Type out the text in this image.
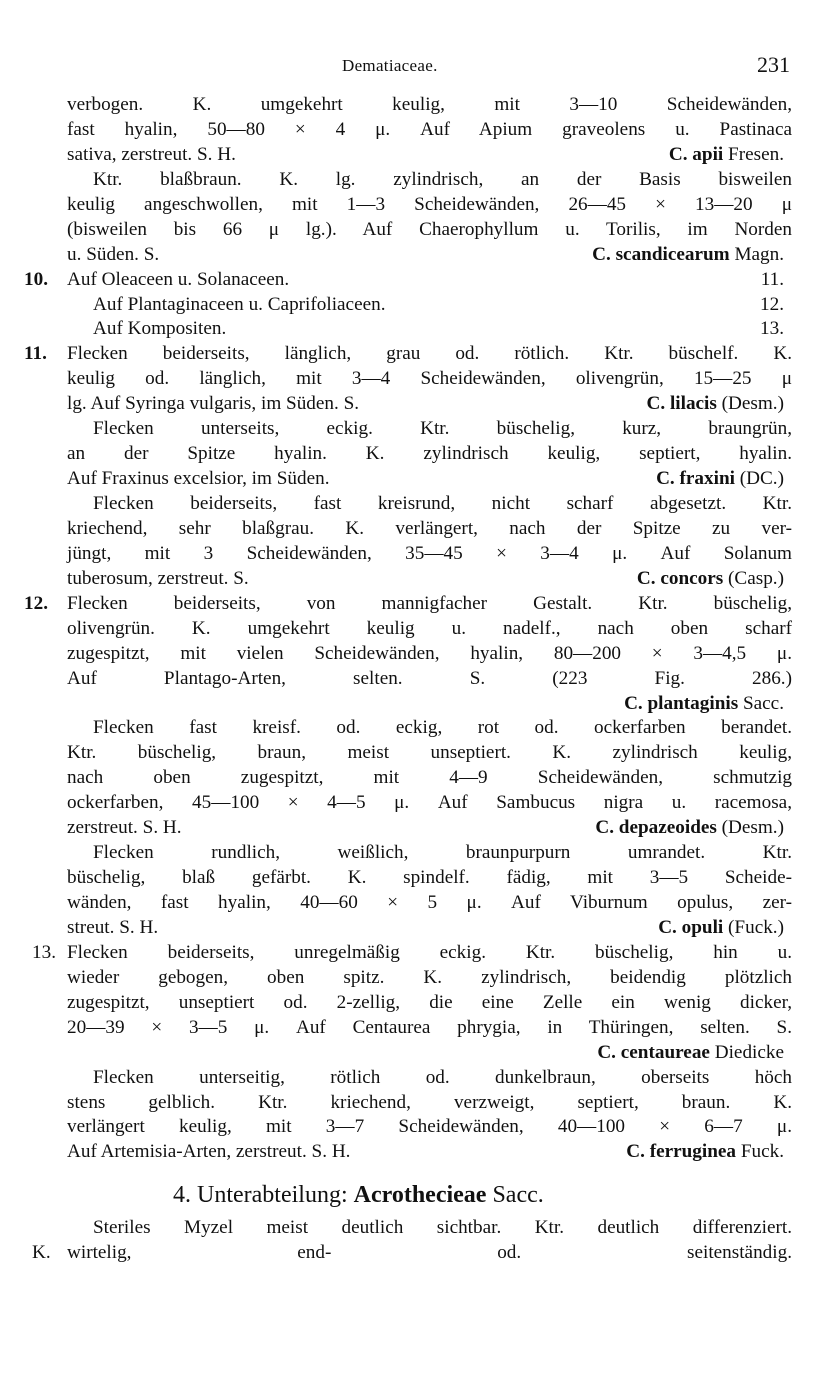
Dematiaceae.	231
verbogen. K. umgekehrt keulig, mit 3—10 Scheidewänden,
fast hyalin, 50—80 × 4 μ. Auf Apium graveolens u. Pastinaca
sativa, zerstreut. S. H.	C. apii Fresen.
Ktr. blaßbraun. K. lg. zylindrisch, an der Basis bisweilen
keulig angeschwollen, mit 1—3 Scheidewänden, 26—45 × 13—20 μ
(bisweilen bis 66 μ lg.). Auf Chaerophyllum u. Torilis, im Norden
u. Süden. S.	C. scandicearum Magn.
10. Auf Oleaceen u. Solanaceen.	11.
Auf Plantaginaceen u. Caprifoliaceen.	12.
Auf Kompositen.	13.
11. Flecken beiderseits, länglich, grau od. rötlich. Ktr. büschelf. K.
keulig od. länglich, mit 3—4 Scheidewänden, olivengrün, 15—25 μ
lg. Auf Syringa vulgaris, im Süden. S.	C. lilacis (Desm.)
Flecken unterseits, eckig. Ktr. büschelig, kurz, braungrün,
an der Spitze hyalin. K. zylindrisch keulig, septiert, hyalin.
Auf Fraxinus excelsior, im Süden.	C. fraxini (DC.)
Flecken beiderseits, fast kreisrund, nicht scharf abgesetzt. Ktr.
kriechend, sehr blaßgrau. K. verlängert, nach der Spitze zu ver-
jüngt, mit 3 Scheidewänden, 35—45 × 3—4 μ. Auf Solanum
tuberosum, zerstreut. S.	C. concors (Casp.)
12. Flecken beiderseits, von mannigfacher Gestalt. Ktr. büschelig,
olivengrün. K. umgekehrt keulig u. nadelf., nach oben scharf
zugespitzt, mit vielen Scheidewänden, hyalin, 80—200 × 3—4,5 μ.
Auf Plantago-Arten, selten. S. (223 Fig. 286.)
C. plantaginis Sacc.
Flecken fast kreisf. od. eckig, rot od. ockerfarben berandet.
Ktr. büschelig, braun, meist unseptiert. K. zylindrisch keulig,
nach oben zugespitzt, mit 4—9 Scheidewänden, schmutzig
ockerfarben, 45—100 × 4—5 μ. Auf Sambucus nigra u. racemosa,
zerstreut. S. H.	C. depazeoides (Desm.)
Flecken rundlich, weißlich, braunpurpurn umrandet. Ktr.
büschelig, blaß gefärbt. K. spindelf. fädig, mit 3—5 Scheide-
wänden, fast hyalin, 40—60 × 5 μ. Auf Viburnum opulus, zer-
streut. S. H.	C. opuli (Fuck.)
13. Flecken beiderseits, unregelmäßig eckig. Ktr. büschelig, hin u.
wieder gebogen, oben spitz. K. zylindrisch, beidendig plötzlich
zugespitzt, unseptiert od. 2-zellig, die eine Zelle ein wenig dicker,
20—39 × 3—5 μ. Auf Centaurea phrygia, in Thüringen, selten. S.
C. centaureae Diedicke
Flecken unterseitig, rötlich od. dunkelbraun, oberseits höch
stens gelblich. Ktr. kriechend, verzweigt, septiert, braun. K.
verlängert keulig, mit 3—7 Scheidewänden, 40—100 × 6—7 μ.
Auf Artemisia-Arten, zerstreut. S. H.	C. ferruginea Fuck.
4. Unterabteilung: Acrothecieae Sacc.
Steriles Myzel meist deutlich sichtbar. Ktr. deutlich differenziert.
K. wirtelig, end- od. seitenständig.
